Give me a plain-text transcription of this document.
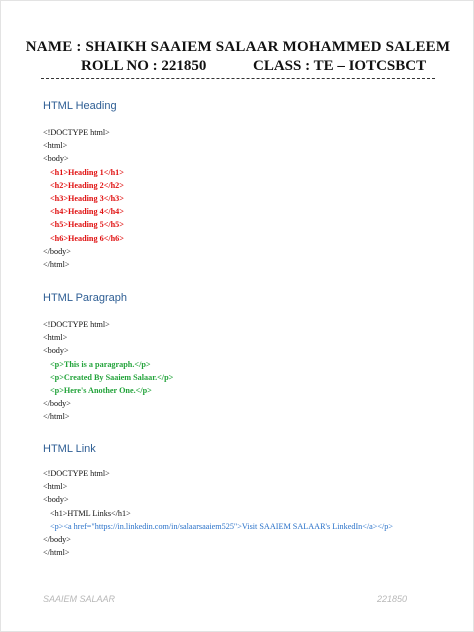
NAME : SHAIKH SAAIEM SALAAR MOHAMMED SALEEM
ROLL NO : 221850	CLASS : TE – IOTCSBCT
HTML Heading
<!DOCTYPE html>
<html>
<body>
<h1>Heading 1</h1>
<h2>Heading 2</h2>
<h3>Heading 3</h3>
<h4>Heading 4</h4>
<h5>Heading 5</h5>
<h6>Heading 6</h6>
</body>
</html>
HTML Paragraph
<!DOCTYPE html>
<html>
<body>
<p>This is a paragraph.</p>
<p>Created By Saaiem Salaar.</p>
<p>Here's Another One.</p>
</body>
</html>
HTML Link
<!DOCTYPE html>
<html>
<body>
<h1>HTML Links</h1>
<p><a href="https://in.linkedin.com/in/salaarsaaiem525">Visit SAAIEM SALAAR's LinkedIn</a></p>
</body>
</html>
SAAIEM SALAAR	221850
